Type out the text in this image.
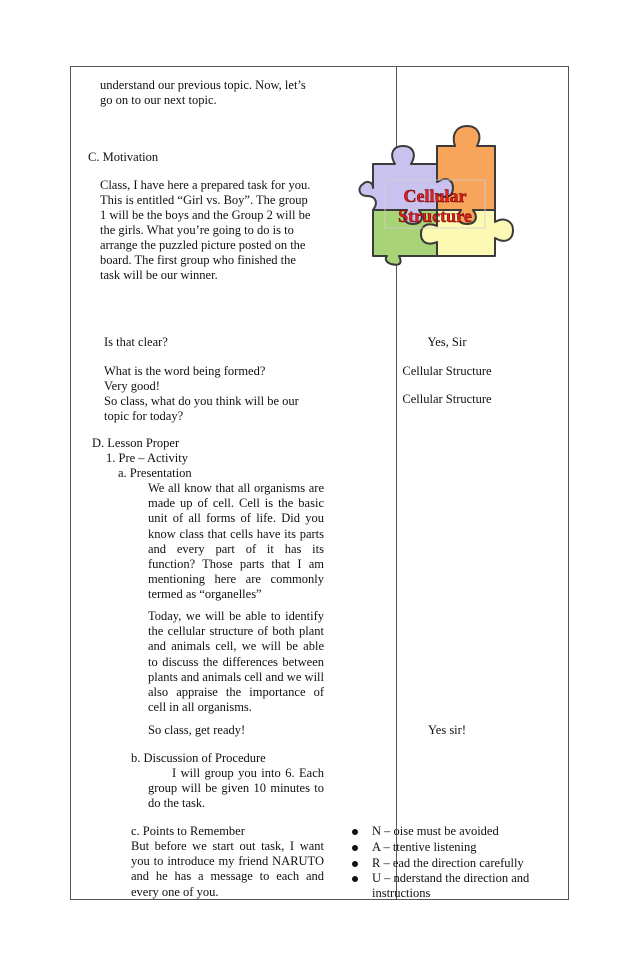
understand our previous topic. Now, let’s
go on to our next topic.
C. Motivation
Class, I have here a prepared task for you.
This is entitled “Girl vs. Boy”. The group
1 will be the boys and the Group 2 will be
the girls. What you’re going to do is to
arrange the puzzled picture posted on the
board. The first group who finished the
task will be our winner.
Is that clear?
What is the word being formed?
Very good!
So class, what do you think will be our
topic for today?
D. Lesson Proper
1. Pre – Activity
a. Presentation
We all know that all organisms are made up of cell. Cell is the basic unit of all forms of life. Did you know class that cells have its parts and every part of it has its function? Those parts that I am mentioning here are commonly termed as “organelles”
Today, we will be able to identify the cellular structure of both plant and animals cell, we will be able to discuss the differences between plants and animals cell and we will also appraise the importance of cell in all organisms.
So class, get ready!
b. Discussion of Procedure
I will group you into 6. Each group will be given 10 minutes to do the task.
c. Points to Remember
But before we start out task, I want you to introduce my friend NARUTO and he has a message to each and every one of you.
Cellular
Structure
Yes, Sir
Cellular Structure
Cellular Structure
Yes sir!
N – oise must be avoided
A – ttentive listening
R – ead the direction carefully
U – nderstand the direction and instructions
